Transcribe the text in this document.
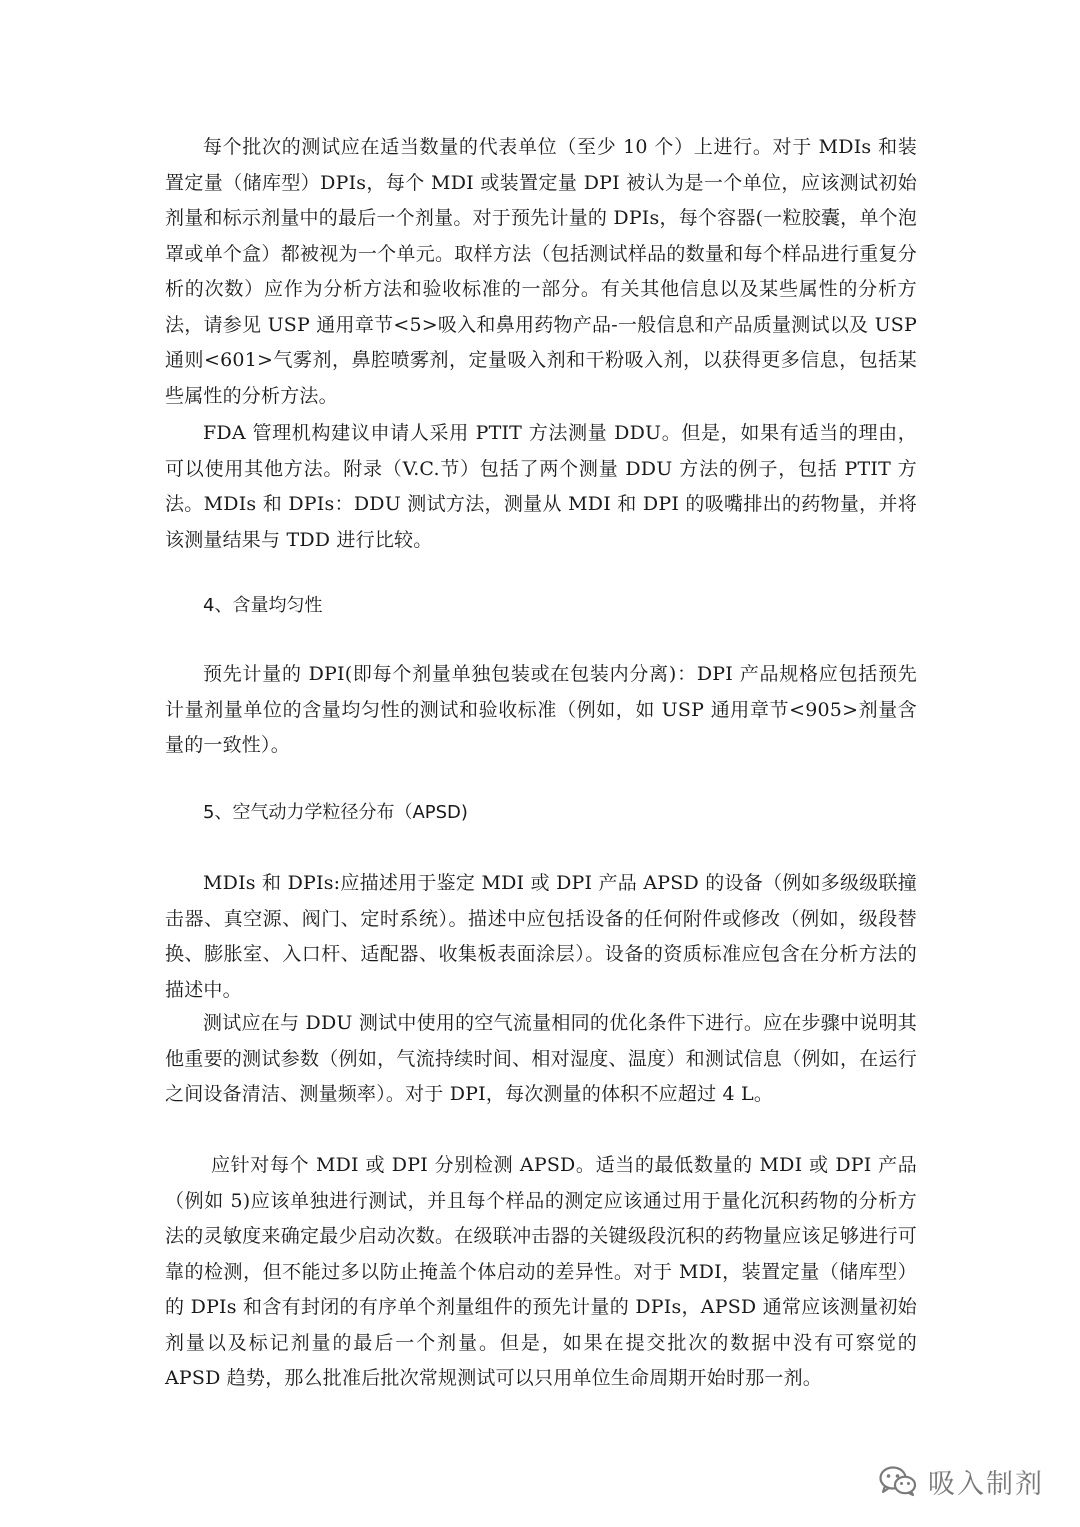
每个批次的测试应在适当数量的代表单位（至少 10 个）上进行。对于 MDIs 和装置定量（储库型）DPIs，每个 MDI 或装置定量 DPI 被认为是一个单位，应该测试初始剂量和标示剂量中的最后一个剂量。对于预先计量的 DPIs，每个容器(一粒胶囊，单个泡罩或单个盒）都被视为一个单元。取样方法（包括测试样品的数量和每个样品进行重复分析的次数）应作为分析方法和验收标准的一部分。有关其他信息以及某些属性的分析方法，请参见 USP 通用章节<5>吸入和鼻用药物产品-一般信息和产品质量测试以及 USP 通则<601>气雾剂，鼻腔喷雾剂，定量吸入剂和干粉吸入剂，以获得更多信息，包括某些属性的分析方法。

FDA 管理机构建议申请人采用 PTIT 方法测量 DDU。但是，如果有适当的理由，可以使用其他方法。附录（V.C.节）包括了两个测量 DDU 方法的例子，包括 PTIT 方法。MDIs 和 DPIs：DDU 测试方法，测量从 MDI 和 DPI 的吸嘴排出的药物量，并将该测量结果与 TDD 进行比较。

4、含量均匀性

预先计量的 DPI(即每个剂量单独包装或在包装内分离)：DPI 产品规格应包括预先计量剂量单位的含量均匀性的测试和验收标准（例如，如 USP 通用章节<905>剂量含量的一致性）。

5、空气动力学粒径分布（APSD)

MDIs 和 DPIs:应描述用于鉴定 MDI 或 DPI 产品 APSD 的设备（例如多级级联撞击器、真空源、阀门、定时系统）。描述中应包括设备的任何附件或修改（例如，级段替换、膨胀室、入口杆、适配器、收集板表面涂层）。设备的资质标准应包含在分析方法的描述中。

测试应在与 DDU 测试中使用的空气流量相同的优化条件下进行。应在步骤中说明其他重要的测试参数（例如，气流持续时间、相对湿度、温度）和测试信息（例如，在运行之间设备清洁、测量频率）。对于 DPI，每次测量的体积不应超过 4 L。

应针对每个 MDI 或 DPI 分别检测 APSD。适当的最低数量的 MDI 或 DPI 产品（例如 5)应该单独进行测试，并且每个样品的测定应该通过用于量化沉积药物的分析方法的灵敏度来确定最少启动次数。在级联冲击器的关键级段沉积的药物量应该足够进行可靠的检测，但不能过多以防止掩盖个体启动的差异性。对于 MDI，装置定量（储库型）的 DPIs 和含有封闭的有序单个剂量组件的预先计量的 DPIs，APSD 通常应该测量初始剂量以及标记剂量的最后一个剂量。但是，如果在提交批次的数据中没有可察觉的 APSD 趋势，那么批准后批次常规测试可以只用单位生命周期开始时那一剂。

吸入制剂
